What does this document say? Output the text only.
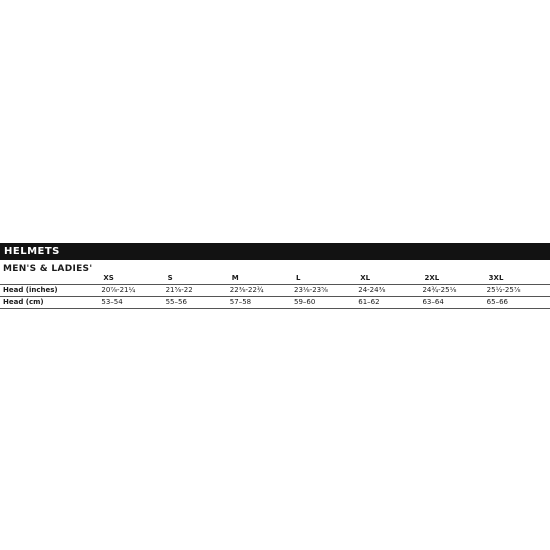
HELMETS
MEN'S & LADIES'
	XS	S	M	L	XL	2XL	3XL
Head (inches)	20⅞-21¼	21⅝-22	22⅜-22¾	23⅛-23⅝	24-24⅜	24¾-25⅛	25½-25⅞
Head (cm)	53–54	55–56	57–58	59–60	61–62	63–64	65–66
